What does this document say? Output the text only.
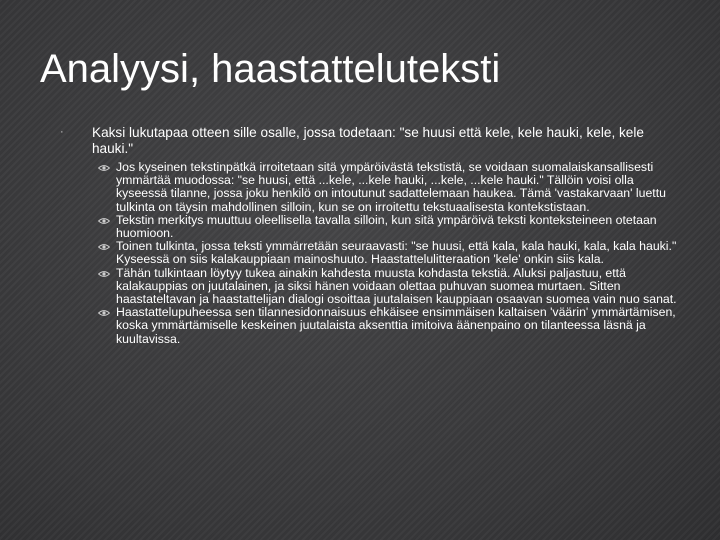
Analyysi, haastatteluteksti
· Kaksi lukutapaa otteen sille osalle, jossa todetaan: "se huusi että kele, kele hauki, kele, kele hauki."
Jos kyseinen tekstinpätkä irroitetaan sitä ympäröivästä tekstistä, se voidaan suomalaiskansallisesti ymmärtää muodossa: "se huusi, että ...kele, ...kele hauki, ...kele, ...kele hauki." Tällöin voisi olla kyseessä tilanne, jossa joku henkilö on intoutunut sadattelemaan haukea. Tämä 'vastakarvaan' luettu tulkinta on täysin mahdollinen silloin, kun se on irroitettu tekstuaalisesta kontekstistaan.
Tekstin merkitys muuttuu oleellisella tavalla silloin, kun sitä ympäröivä teksti konteksteineen otetaan huomioon.
Toinen tulkinta, jossa teksti ymmärretään seuraavasti: "se huusi, että kala, kala hauki, kala, kala hauki." Kyseessä on siis kalakauppiaan mainoshuuto. Haastattelulitteraation 'kele' onkin siis kala.
Tähän tulkintaan löytyy tukea ainakin kahdesta muusta kohdasta tekstiä. Aluksi paljastuu, että kalakauppias on juutalainen, ja siksi hänen voidaan olettaa puhuvan suomea murtaen. Sitten haastateltavan ja haastattelijan dialogi osoittaa juutalaisen kauppiaan osaavan suomea vain nuo sanat.
Haastattelupuheessa sen tilannesidonnaisuus ehkäisee ensimmäisen kaltaisen 'väärin' ymmärtämisen, koska ymmärtämiselle keskeinen juutalaista aksenttia imitoiva äänenpaino on tilanteessa läsnä ja kuultavissa.
